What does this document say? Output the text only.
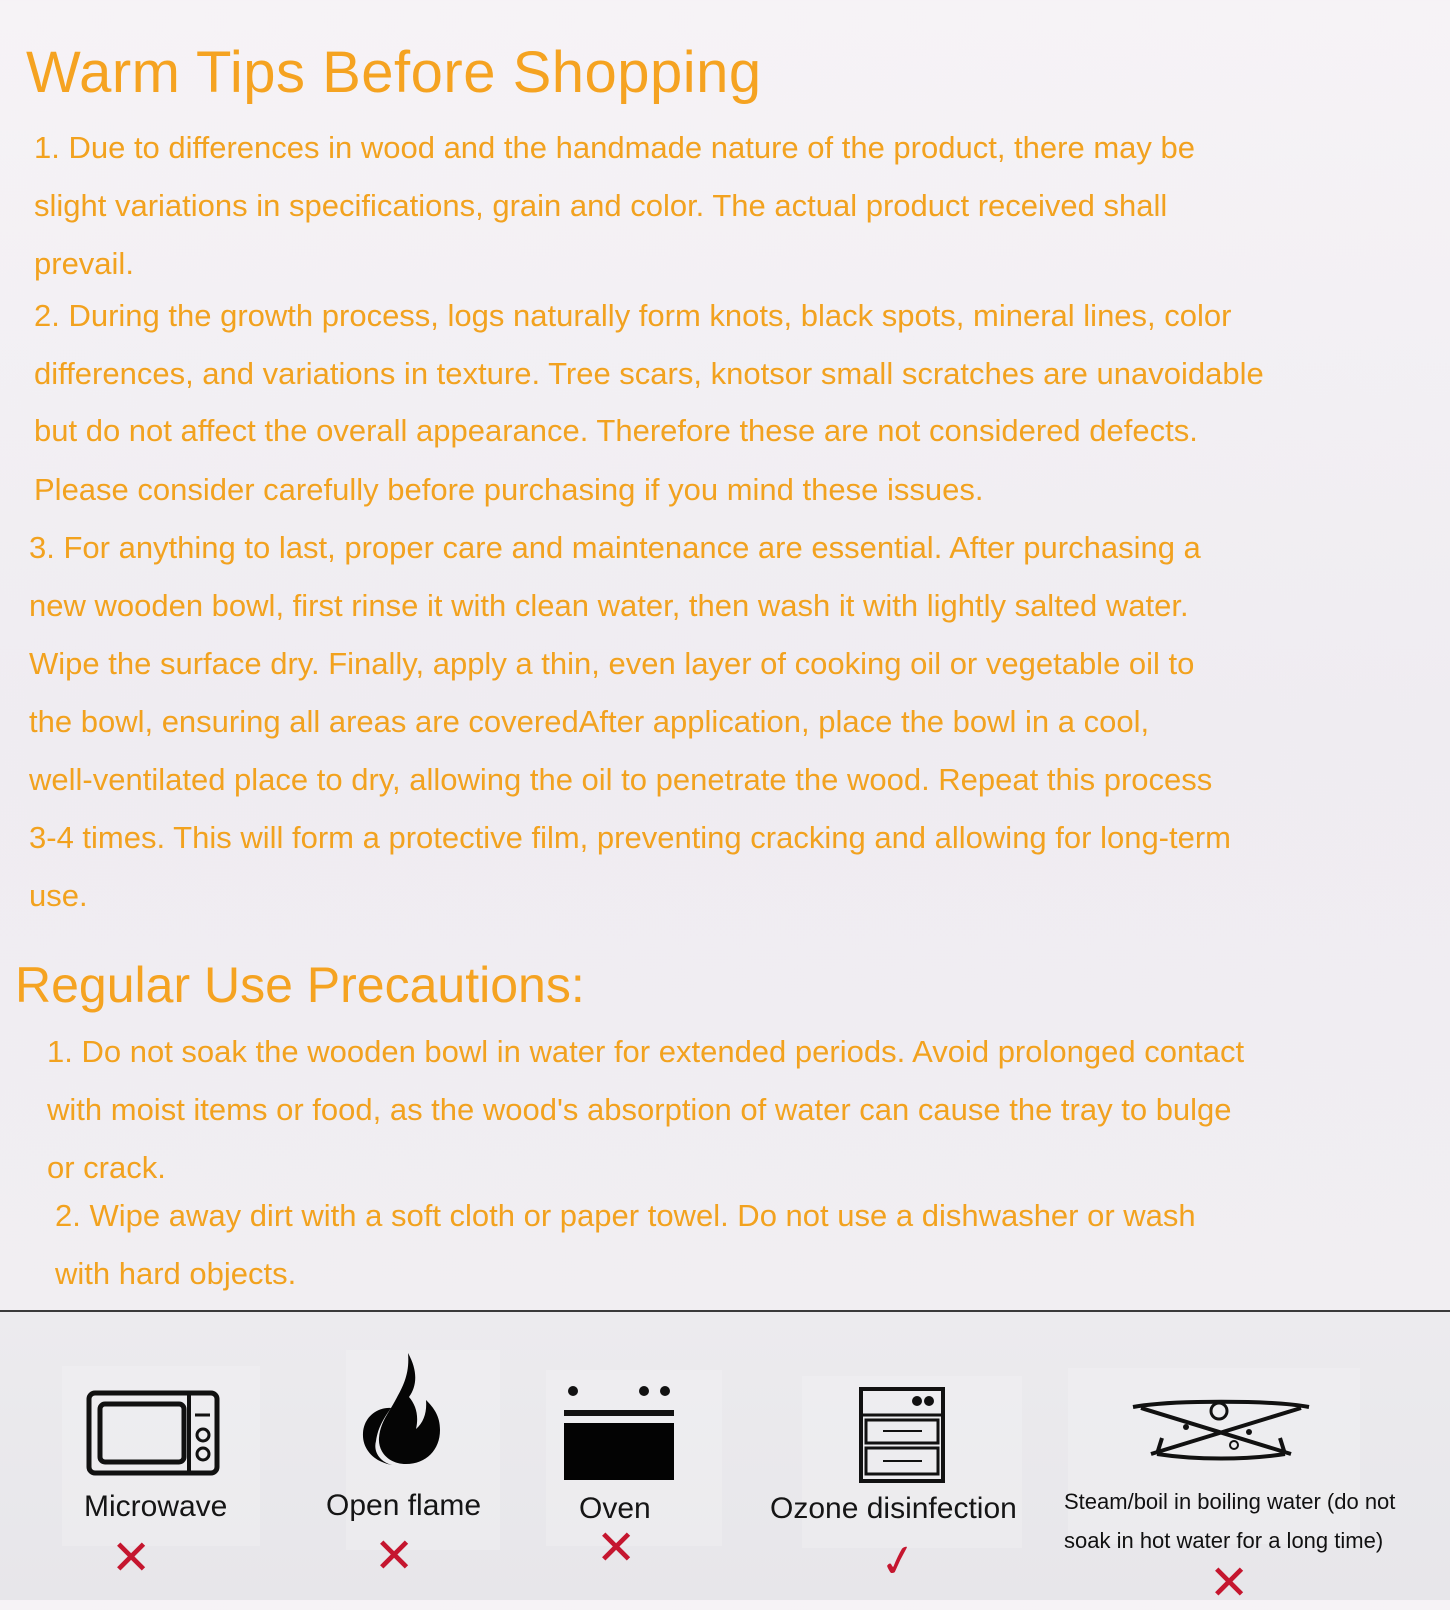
Warm Tips Before Shopping

1. Due to differences in wood and the handmade nature of the product, there may be

slight variations in specifications, grain and color. The actual product received shall

prevail.

2. During the growth process, logs naturally form knots, black spots, mineral lines, color

differences, and variations in texture. Tree scars, knotsor small scratches are unavoidable

but do not affect the overall appearance. Therefore these are not considered defects.

Please consider carefully before purchasing if you mind these issues.

3. For anything to last, proper care and maintenance are essential. After purchasing a

new wooden bowl, first rinse it with clean water, then wash it with lightly salted water.

Wipe the surface dry. Finally, apply a thin, even layer of cooking oil or vegetable oil to

the bowl, ensuring all areas are coveredAfter application, place the bowl in a cool,

well-ventilated place to dry, allowing the oil to penetrate the wood. Repeat this process

3-4 times. This will form a protective film, preventing cracking and allowing for long-term

use.

Regular Use Precautions:

1. Do not soak the wooden bowl in water for extended periods. Avoid prolonged contact

with moist items or food, as the wood's absorption of water can cause the tray to bulge

or crack.

2. Wipe away dirt with a soft cloth or paper towel. Do not use a dishwasher or wash

with hard objects.

Microwave

✕

Open flame

✕

Oven

✕

Ozone disinfection

✓

Steam/boil in boiling water (do not

soak in hot water for a long time)

✕
